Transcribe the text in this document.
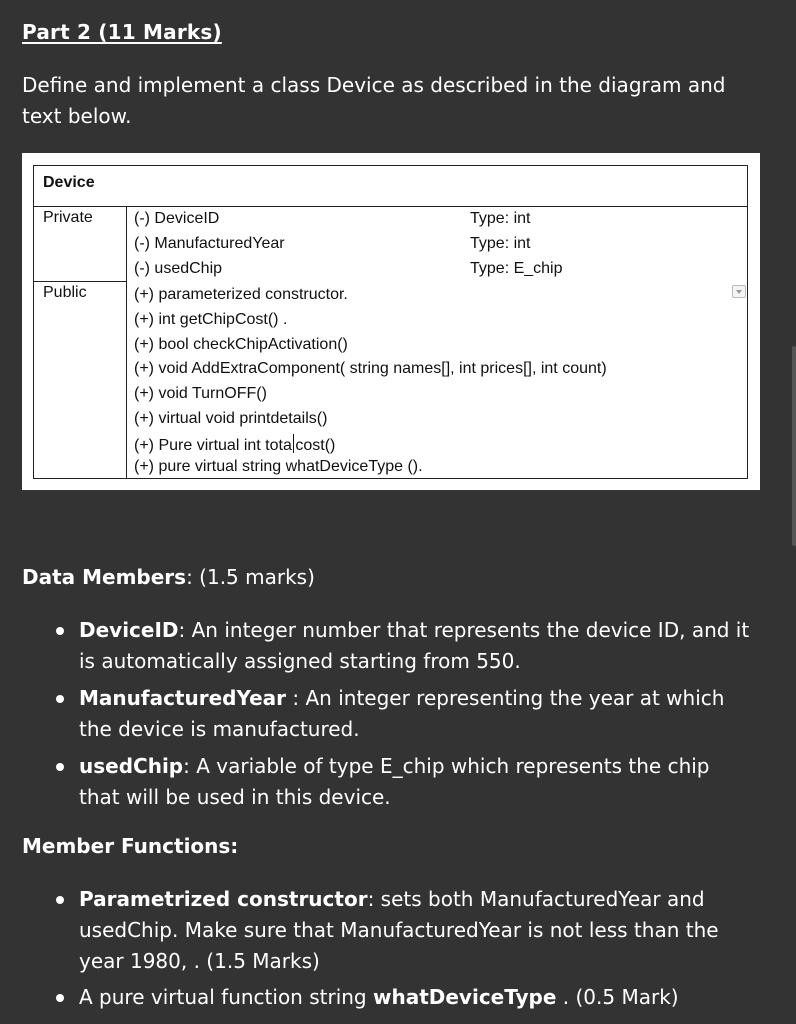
Part 2 (11 Marks)

Define and implement a class Device as described in the diagram and text below.

Device
Private
Public
(-) DeviceID	Type: int
(-) ManufacturedYear	Type: int
(-) usedChip	Type: E_chip
(+) parameterized constructor.
(+) int getChipCost() .
(+) bool checkChipActivation()
(+) void AddExtraComponent( string names[], int prices[], int count)
(+) void TurnOFF()
(+) virtual void printdetails()
(+) Pure virtual int tota cost()
(+) pure virtual string whatDeviceType ().

Data Members: (1.5 marks)

DeviceID: An integer number that represents the device ID, and it is automatically assigned starting from 550.
ManufacturedYear : An integer representing the year at which the device is manufactured.
usedChip: A variable of type E_chip which represents the chip that will be used in this device.

Member Functions:

Parametrized constructor: sets both ManufacturedYear and usedChip. Make sure that ManufacturedYear is not less than the year 1980, . (1.5 Marks)
A pure virtual function string whatDeviceType . (0.5 Mark)
